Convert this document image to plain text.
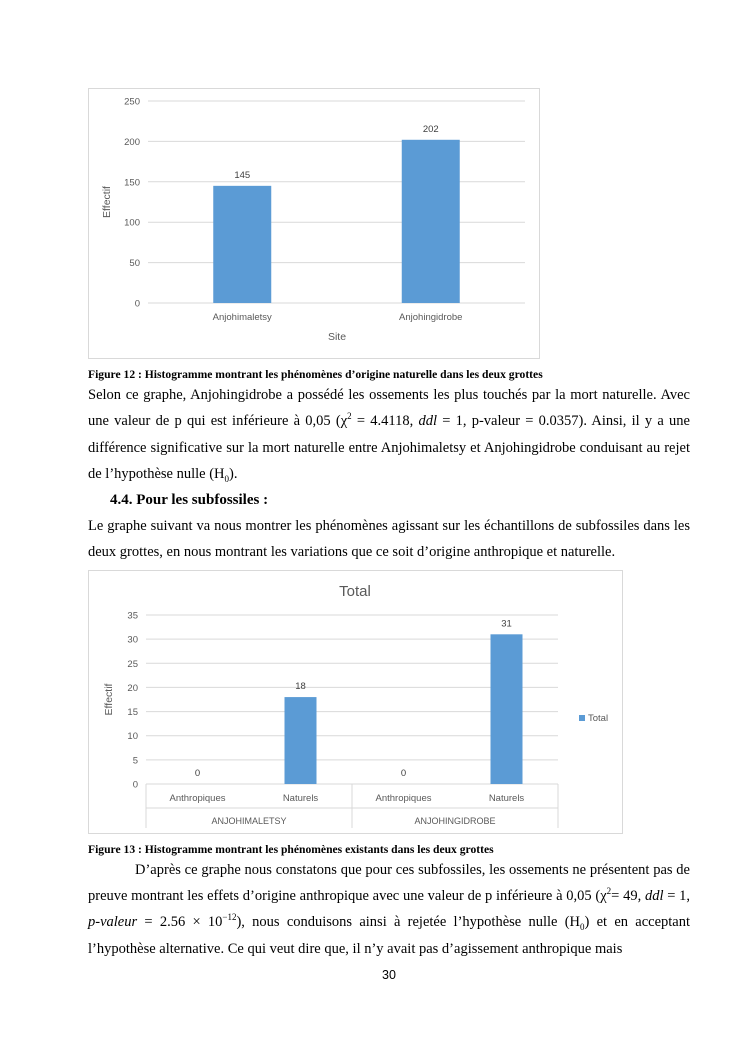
0
50
100
150
200
250
145
Anjohimaletsy
202
Anjohingidrobe
Effectif
Site
Figure 12 : Histogramme montrant les phénomènes d’origine naturelle dans les deux grottes
Selon ce graphe, Anjohingidrobe a possédé les ossements les plus touchés par la mort naturelle. Avec une valeur de p qui est inférieure à 0,05 ($\chi^2 = 4.4118$, ddl = 1, p-valeur = 0.0357). Ainsi, il y a une différence significative sur la mort naturelle entre Anjohimaletsy et Anjohingidrobe conduisant au rejet de l’hypothèse nulle $(H_0)$.
4.4. Pour les subfossiles :
Le graphe suivant va nous montrer les phénomènes agissant sur les échantillons de subfossiles dans les deux grottes, en nous montrant les variations que ce soit d’origine anthropique et naturelle.
0
5
10
15
20
25
30
35
0
Anthropiques
18
Naturels
0
Anthropiques
31
Naturels
Effectif
Total
ANJOHIMALETSY	ANJOHINGIDROBE
Total
Figure 13 : Histogramme montrant les phénomènes existants dans les deux grottes
D’après ce graphe nous constatons que pour ces subfossiles, les ossements ne présentent pas de preuve montrant les effets d’origine anthropique avec une valeur de p inférieure à 0,05 ($\chi^2= 49$, ddl = 1, p-valeur = $2.56 \times 10^{-12}$), nous conduisons ainsi à rejetée l’hypothèse nulle $(H_0)$ et en acceptant l’hypothèse alternative. Ce qui veut dire que, il n’y avait pas d’agissement anthropique mais
30
